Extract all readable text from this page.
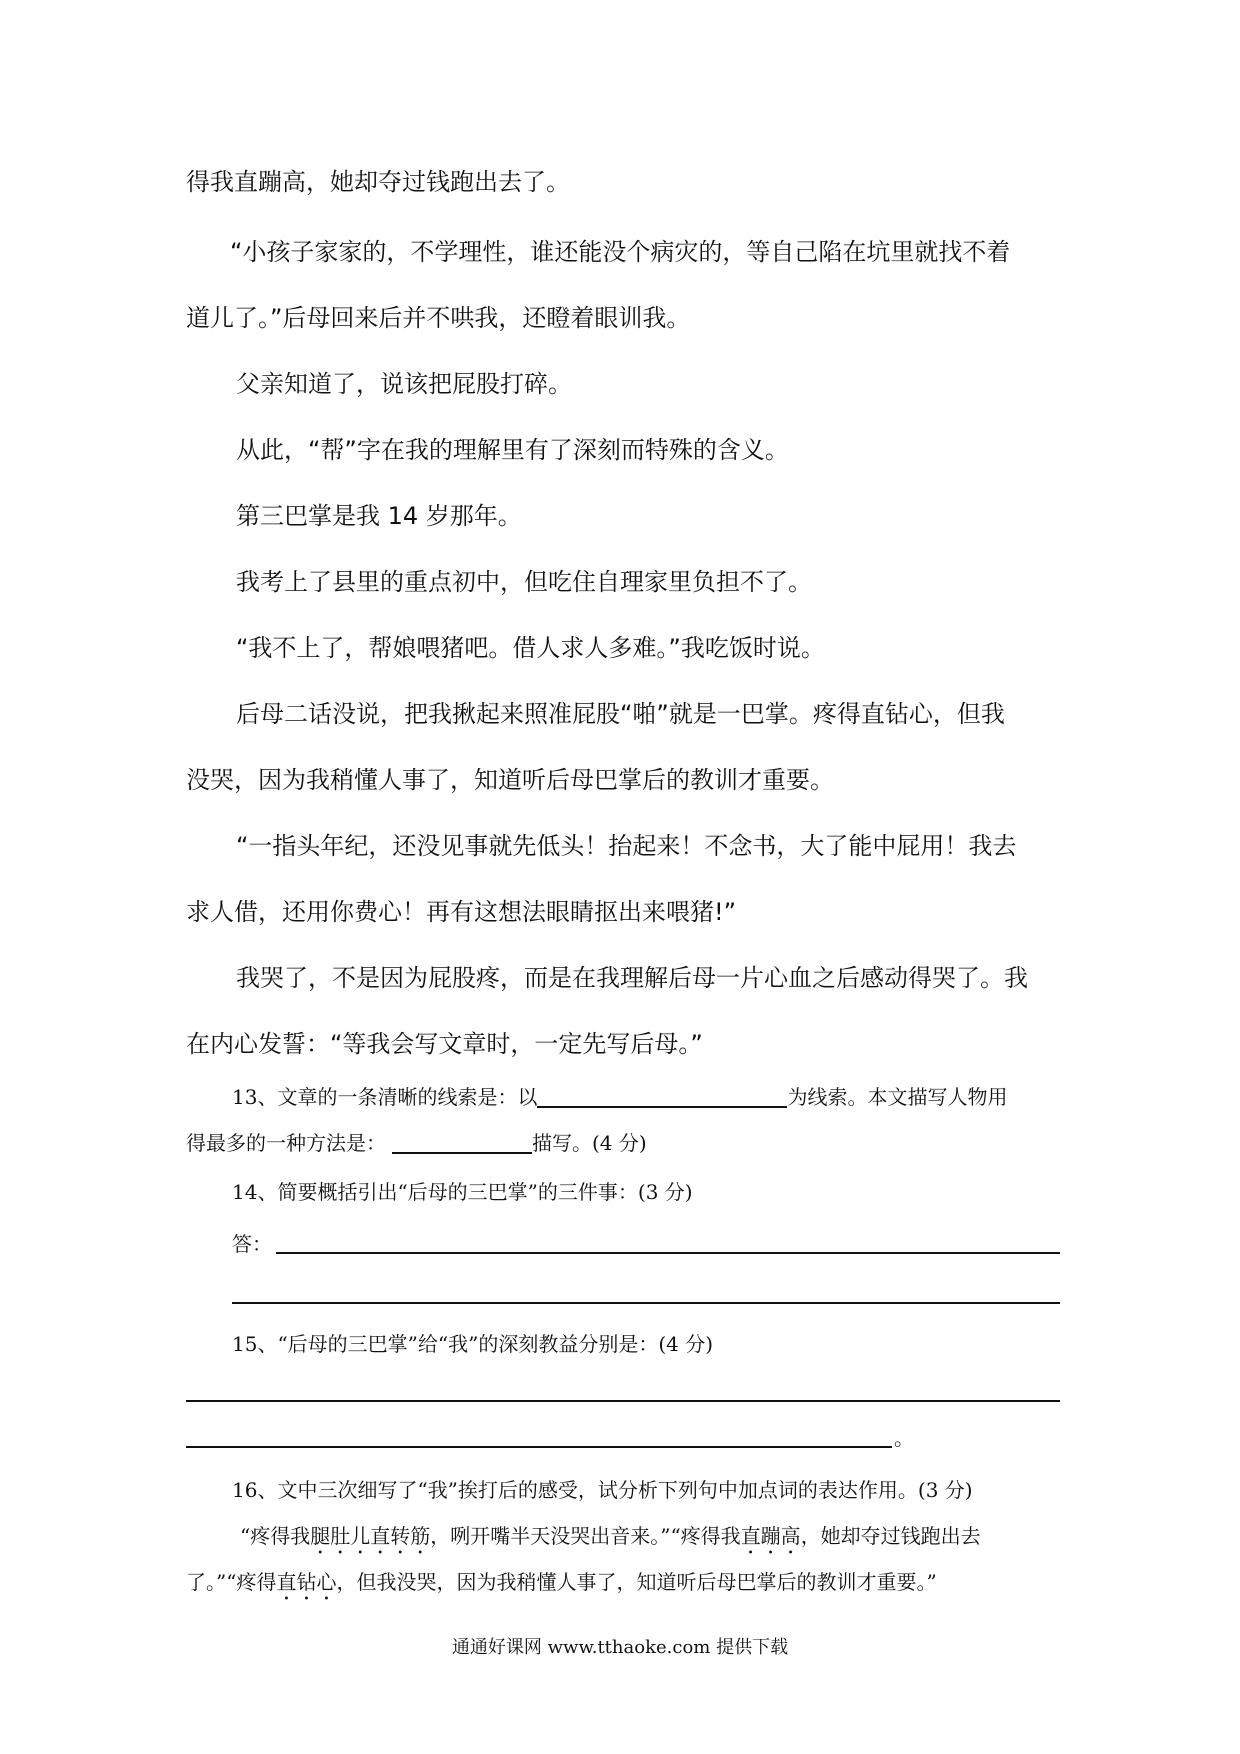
得我直蹦高，她却夺过钱跑出去了。

“小孩子家家的，不学理性，谁还能没个病灾的，等自己陷在坑里就找不着

道儿了。”后母回来后并不哄我，还瞪着眼训我。

父亲知道了，说该把屁股打碎。

从此，“帮”字在我的理解里有了深刻而特殊的含义。

第三巴掌是我 14 岁那年。

我考上了县里的重点初中，但吃住自理家里负担不了。

“我不上了，帮娘喂猪吧。借人求人多难。”我吃饭时说。

后母二话没说，把我揪起来照准屁股“啪”就是一巴掌。疼得直钻心，但我

没哭，因为我稍懂人事了，知道听后母巴掌后的教训才重要。

“一指头年纪，还没见事就先低头！抬起来！不念书，大了能中屁用！我去

求人借，还用你费心！再有这想法眼睛抠出来喂猪!”

我哭了，不是因为屁股疼，而是在我理解后母一片心血之后感动得哭了。我

在内心发誓：“等我会写文章时，一定先写后母。”

13、文章的一条清晰的线索是：以	为线索。本文描写人物用
得最多的一种方法是：	描写。(4 分)
14、简要概括引出“后母的三巴掌”的三件事：(3 分)
答：
15、“后母的三巴掌”给“我”的深刻教益分别是：(4 分)
。
16、文中三次细写了“我”挨打后的感受，试分析下列句中加点词的表达作用。(3 分)
“疼得我腿肚儿直转筋，咧开嘴半天没哭出音来。”“疼得我直蹦高，她却夺过钱跑出去
了。”“疼得直钻心，但我没哭，因为我稍懂人事了，知道听后母巴掌后的教训才重要。”
通通好课网 www.tthaoke.com 提供下载
